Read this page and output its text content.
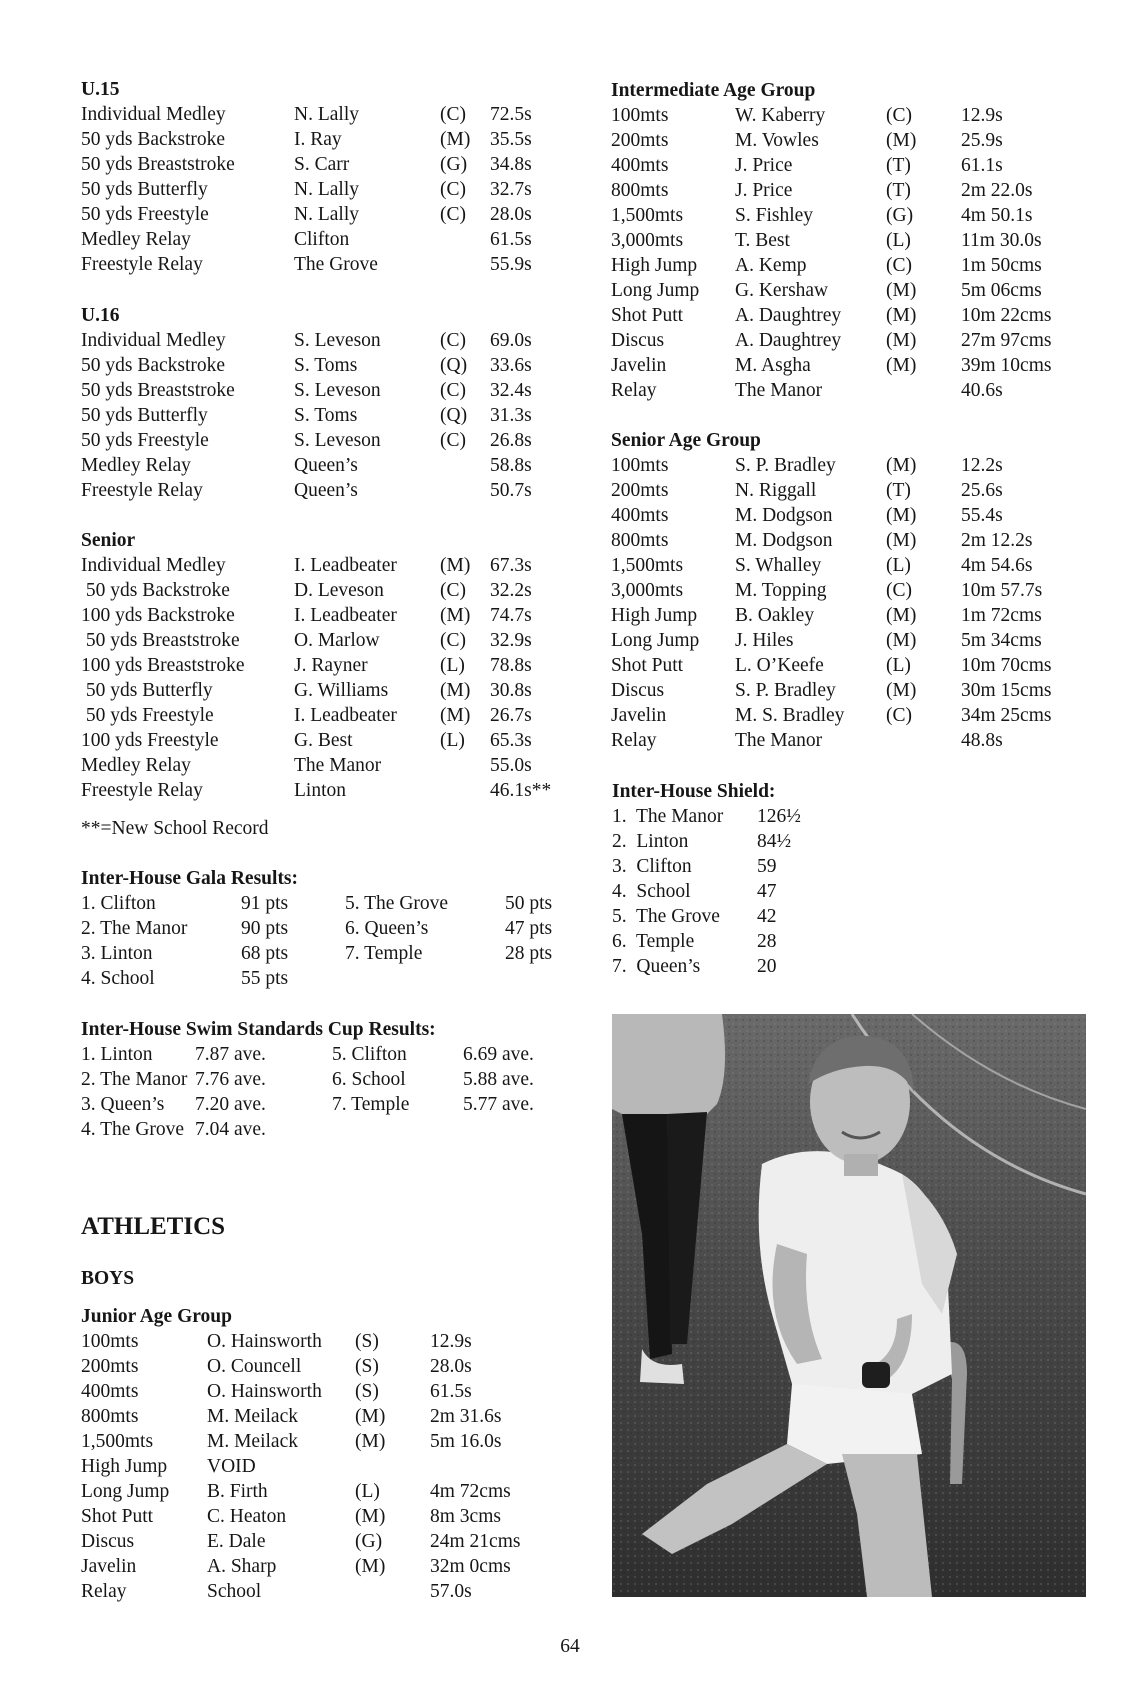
U.15
Individual Medley	N. Lally	(C)	72.5s
50 yds Backstroke	I. Ray	(M)	35.5s
50 yds Breaststroke	S. Carr	(G)	34.8s
50 yds Butterfly	N. Lally	(C)	32.7s
50 yds Freestyle	N. Lally	(C)	28.0s
Medley Relay	Clifton	61.5s
Freestyle Relay	The Grove	55.9s
U.16
Individual Medley	S. Leveson	(C)	69.0s
50 yds Backstroke	S. Toms	(Q)	33.6s
50 yds Breaststroke	S. Leveson	(C)	32.4s
50 yds Butterfly	S. Toms	(Q)	31.3s
50 yds Freestyle	S. Leveson	(C)	26.8s
Medley Relay	Queen’s	58.8s
Freestyle Relay	Queen’s	50.7s
Senior
Individual Medley	I. Leadbeater	(M)	67.3s
50 yds Backstroke	D. Leveson	(C)	32.2s
100 yds Backstroke	I. Leadbeater	(M)	74.7s
50 yds Breaststroke	O. Marlow	(C)	32.9s
100 yds Breaststroke	J. Rayner	(L)	78.8s
50 yds Butterfly	G. Williams	(M)	30.8s
50 yds Freestyle	I. Leadbeater	(M)	26.7s
100 yds Freestyle	G. Best	(L)	65.3s
Medley Relay	The Manor	55.0s
Freestyle Relay	Linton	46.1s**
**=New School Record
Inter-House Gala Results:
1. Clifton	91 pts	5. The Grove	50 pts
2. The Manor	90 pts	6. Queen’s	47 pts
3. Linton	68 pts	7. Temple	28 pts
4. School	55 pts
Inter-House Swim Standards Cup Results:
1. Linton	7.87 ave.	5. Clifton	6.69 ave.
2. The Manor 7.76 ave.	6. School	5.88 ave.
3. Queen’s	7.20 ave.	7. Temple	5.77 ave.
4. The Grove 7.04 ave.
ATHLETICS
BOYS
Junior Age Group
100mts	O. Hainsworth	(S)	12.9s
200mts	O. Councell	(S)	28.0s
400mts	O. Hainsworth	(S)	61.5s
800mts	M. Meilack	(M)	2m 31.6s
1,500mts	M. Meilack	(M)	5m 16.0s
High Jump	VOID
Long Jump	B. Firth	(L)	4m 72cms
Shot Putt	C. Heaton	(M)	8m 3cms
Discus	E. Dale	(G)	24m 21cms
Javelin	A. Sharp	(M)	32m 0cms
Relay	School	57.0s
Intermediate Age Group
100mts	W. Kaberry	(C)	12.9s
200mts	M. Vowles	(M)	25.9s
400mts	J. Price	(T)	61.1s
800mts	J. Price	(T)	2m 22.0s
1,500mts	S. Fishley	(G)	4m 50.1s
3,000mts	T. Best	(L)	11m 30.0s
High Jump	A. Kemp	(C)	1m 50cms
Long Jump	G. Kershaw	(M)	5m 06cms
Shot Putt	A. Daughtrey	(M)	10m 22cms
Discus	A. Daughtrey	(M)	27m 97cms
Javelin	M. Asgha	(M)	39m 10cms
Relay	The Manor	40.6s
Senior Age Group
100mts	S. P. Bradley	(M)	12.2s
200mts	N. Riggall	(T)	25.6s
400mts	M. Dodgson	(M)	55.4s
800mts	M. Dodgson	(M)	2m 12.2s
1,500mts	S. Whalley	(L)	4m 54.6s
3,000mts	M. Topping	(C)	10m 57.7s
High Jump	B. Oakley	(M)	1m 72cms
Long Jump	J. Hiles	(M)	5m 34cms
Shot Putt	L. O’Keefe	(L)	10m 70cms
Discus	S. P. Bradley	(M)	30m 15cms
Javelin	M. S. Bradley	(C)	34m 25cms
Relay	The Manor	48.8s
Inter-House Shield:
1.  The Manor	126½
2.  Linton	84½
3.  Clifton	59
4.  School	47
5.  The Grove	42
6.  Temple	28
7.  Queen’s	20
64
